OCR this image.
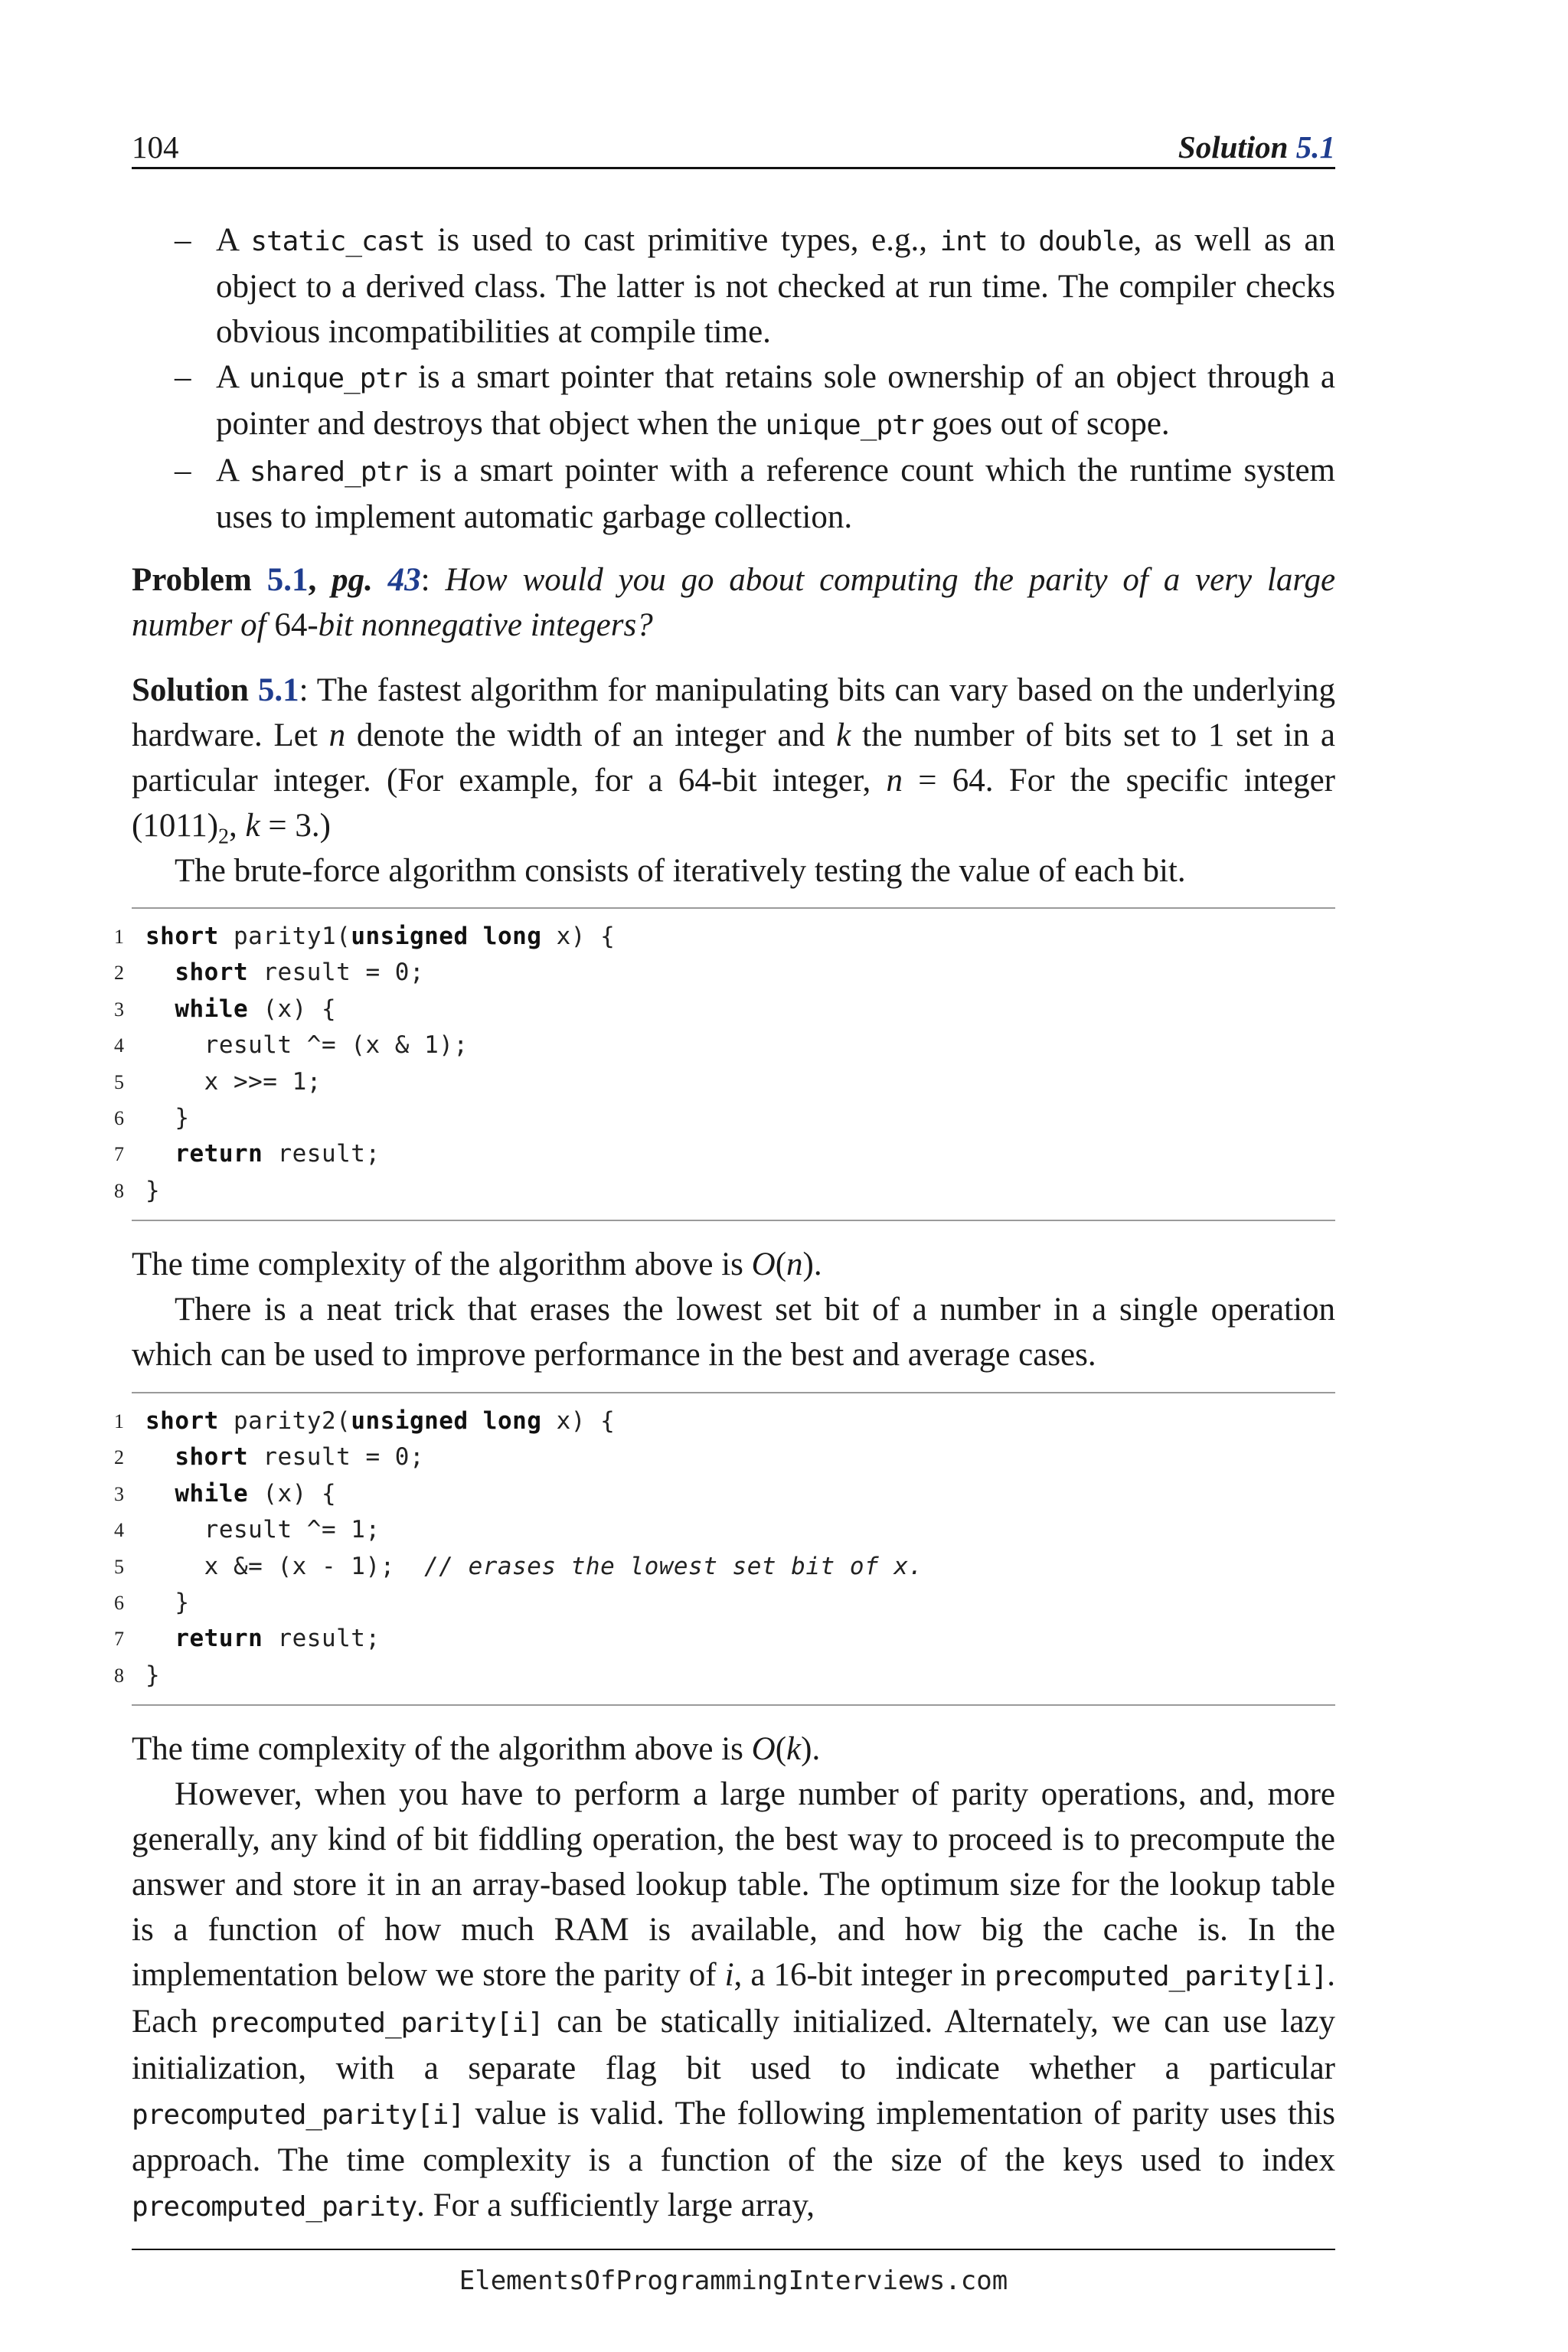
104	Solution 5.1
– A static_cast is used to cast primitive types, e.g., int to double, as well as an object to a derived class. The latter is not checked at run time. The compiler checks obvious incompatibilities at compile time.
– A unique_ptr is a smart pointer that retains sole ownership of an object through a pointer and destroys that object when the unique_ptr goes out of scope.
– A shared_ptr is a smart pointer with a reference count which the runtime system uses to implement automatic garbage collection.
Problem 5.1, pg. 43: How would you go about computing the parity of a very large number of 64-bit nonnegative integers?
Solution 5.1: The fastest algorithm for manipulating bits can vary based on the underlying hardware. Let n denote the width of an integer and k the number of bits set to 1 set in a particular integer. (For example, for a 64-bit integer, n = 64. For the specific integer $(1011)_2$, k = 3.)
The brute-force algorithm consists of iteratively testing the value of each bit.
1 short parity1(unsigned long x) {
2	short result = 0;
3	while (x) {
4 result ^= (x & 1);
5 x >>= 1;
6 }
7	return result;
8 }
The time complexity of the algorithm above is O(n).
There is a neat trick that erases the lowest set bit of a number in a single operation which can be used to improve performance in the best and average cases.
1 short parity2(unsigned long x) {
2	short result = 0;
3	while (x) {
4 result ^= 1;
5 x &= (x - 1);  // erases the lowest set bit of x.
6 }
7	return result;
8 }
The time complexity of the algorithm above is O(k).
However, when you have to perform a large number of parity operations, and, more generally, any kind of bit fiddling operation, the best way to proceed is to precompute the answer and store it in an array-based lookup table. The optimum size for the lookup table is a function of how much RAM is available, and how big the cache is. In the implementation below we store the parity of i, a 16-bit integer in precomputed_parity[i]. Each precomputed_parity[i] can be statically initialized. Alternately, we can use lazy initialization, with a separate flag bit used to indicate whether a particular precomputed_parity[i] value is valid. The following implementation of parity uses this approach. The time complexity is a function of the size of the keys used to index precomputed_parity. For a sufficiently large array,
ElementsOfProgrammingInterviews.com
